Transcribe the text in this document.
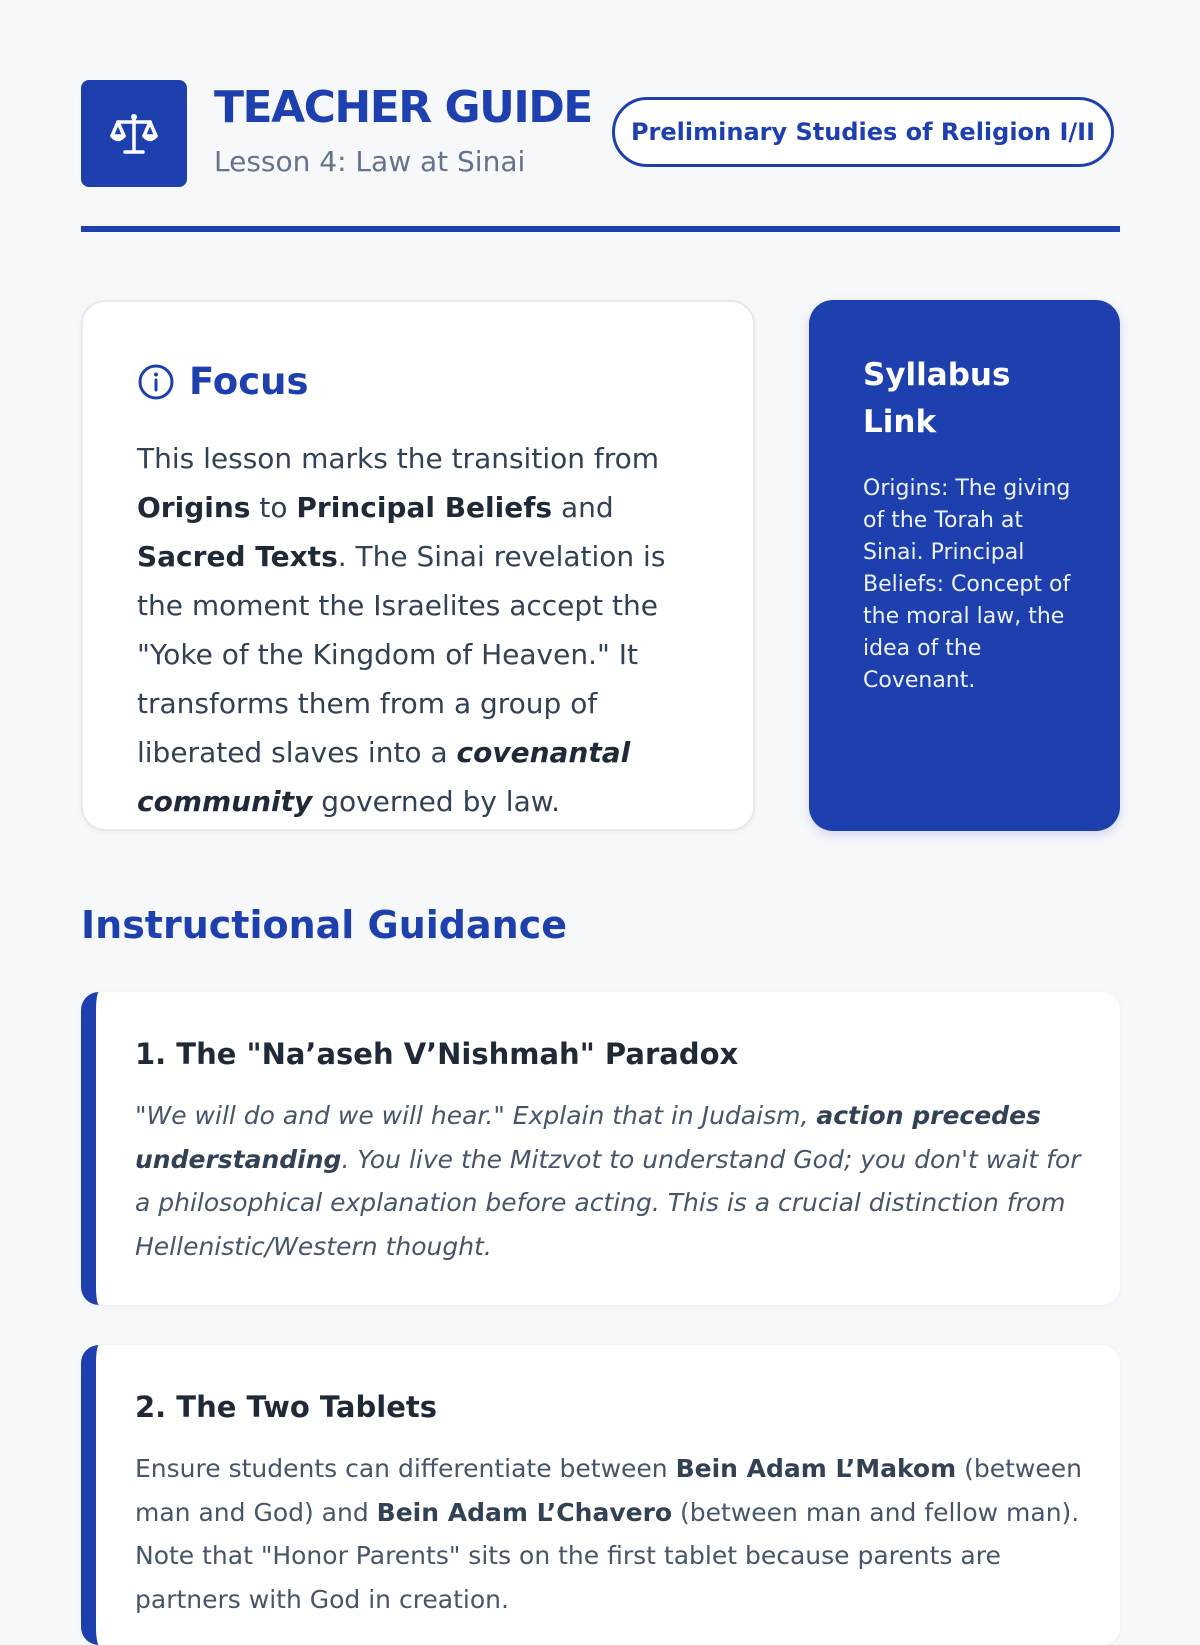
TEACHER GUIDE
Lesson 4: Law at Sinai
Preliminary Studies of Religion I/II
Focus

This lesson marks the transition from Origins to Principal Beliefs and Sacred Texts. The Sinai revelation is the moment the Israelites accept the "Yoke of the Kingdom of Heaven." It transforms them from a group of liberated slaves into a covenantal community governed by law.

Syllabus Link

Origins: The giving of the Torah at Sinai. Principal Beliefs: Concept of the moral law, the idea of the Covenant.

Instructional Guidance
1. The "Na’aseh V’Nishmah" Paradox

"We will do and we will hear." Explain that in Judaism, action precedes understanding. You live the Mitzvot to understand God; you don't wait for a philosophical explanation before acting. This is a crucial distinction from Hellenistic/Western thought.

2. The Two Tablets

Ensure students can differentiate between Bein Adam L’Makom (between man and God) and Bein Adam L’Chavero (between man and fellow man). Note that "Honor Parents" sits on the first tablet because parents are partners with God in creation.
